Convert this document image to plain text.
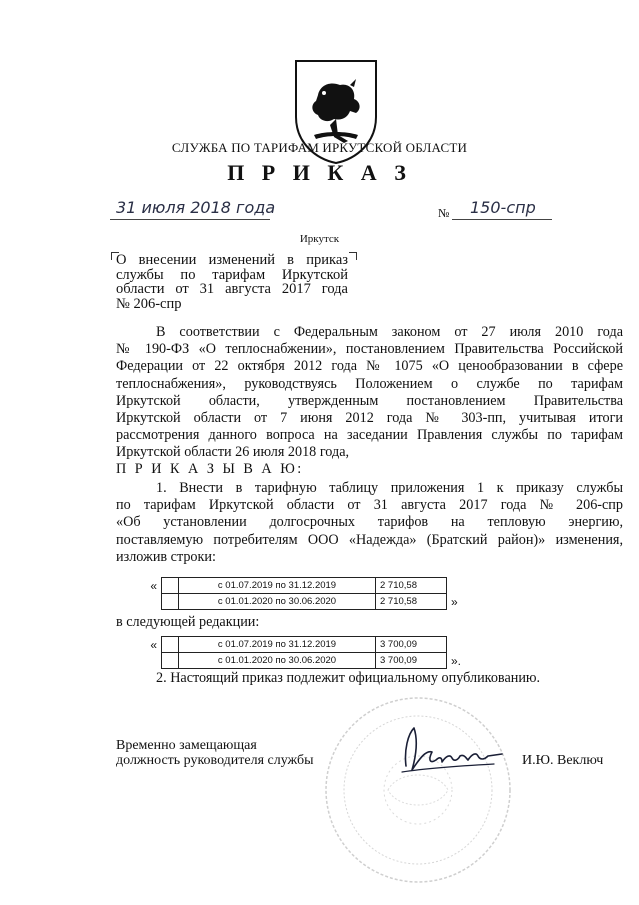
СЛУЖБА ПО ТАРИФАМ ИРКУТСКОЙ ОБЛАСТИ
П Р И К А З
31 июля 2018 года	№ 150-спр
Иркутск
О внесении изменений в приказ
службы по тарифам Иркутской
области от 31 августа 2017 года
№ 206-спр
В соответствии с Федеральным законом от 27 июля 2010 года
№ 190-ФЗ «О теплоснабжении», постановлением Правительства Российской
Федерации от 22 октября 2012 года № 1075 «О ценообразовании в сфере
теплоснабжения», руководствуясь Положением о службе по тарифам
Иркутской области, утвержденным постановлением Правительства
Иркутской области от 7 июня 2012 года № 303-пп, учитывая итоги
рассмотрения данного вопроса на заседании Правления службы по тарифам
Иркутской области 26 июля 2018 года,
П Р И К А З Ы В А Ю:
1. Внести в тарифную таблицу приложения 1 к приказу службы
по тарифам Иркутской области от 31 августа 2017 года № 206-спр
«Об установлении долгосрочных тарифов на тепловую энергию,
поставляемую потребителям ООО «Надежда» (Братский район)» изменения,
изложив строки:
«		с 01.07.2019 по 31.12.2019	2 710,58	
		с 01.01.2020 по 30.06.2020	2 710,58	»
в следующей редакции:
«		с 01.07.2019 по 31.12.2019	3 700,09	
		с 01.01.2020 по 30.06.2020	3 700,09	».
2. Настоящий приказ подлежит официальному опубликованию.
Временно замещающая
должность руководителя службы	И.Ю. Веключ
